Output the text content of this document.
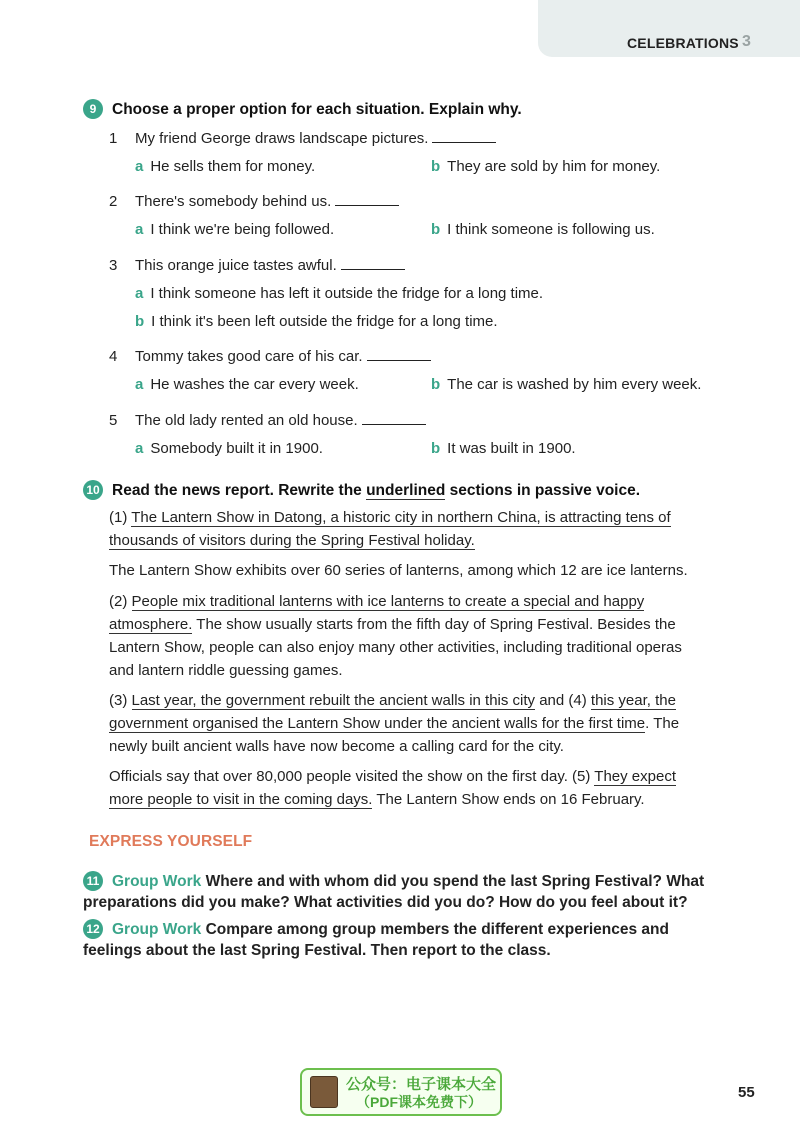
CELEBRATIONS 3
9 Choose a proper option for each situation. Explain why.
1 My friend George draws landscape pictures.
a He sells them for money.	b They are sold by him for money.
2 There's somebody behind us.
a I think we're being followed.	b I think someone is following us.
3 This orange juice tastes awful.
a I think someone has left it outside the fridge for a long time.
b I think it's been left outside the fridge for a long time.
4 Tommy takes good care of his car.
a He washes the car every week.	b The car is washed by him every week.
5 The old lady rented an old house.
a Somebody built it in 1900.	b It was built in 1900.
10 Read the news report. Rewrite the underlined sections in passive voice.
(1) The Lantern Show in Datong, a historic city in northern China, is attracting tens of thousands of visitors during the Spring Festival holiday.
The Lantern Show exhibits over 60 series of lanterns, among which 12 are ice lanterns.
(2) People mix traditional lanterns with ice lanterns to create a special and happy atmosphere. The show usually starts from the fifth day of Spring Festival. Besides the Lantern Show, people can also enjoy many other activities, including traditional operas and lantern riddle guessing games.
(3) Last year, the government rebuilt the ancient walls in this city and (4) this year, the government organised the Lantern Show under the ancient walls for the first time. The newly built ancient walls have now become a calling card for the city.
Officials say that over 80,000 people visited the show on the first day. (5) They expect more people to visit in the coming days. The Lantern Show ends on 16 February.
EXPRESS YOURSELF
11 Group Work Where and with whom did you spend the last Spring Festival? What preparations did you make? What activities did you do? How do you feel about it?
12 Group Work Compare among group members the different experiences and feelings about the last Spring Festival. Then report to the class.
公众号：电子课本大全
（PDF课本免费下）
55
